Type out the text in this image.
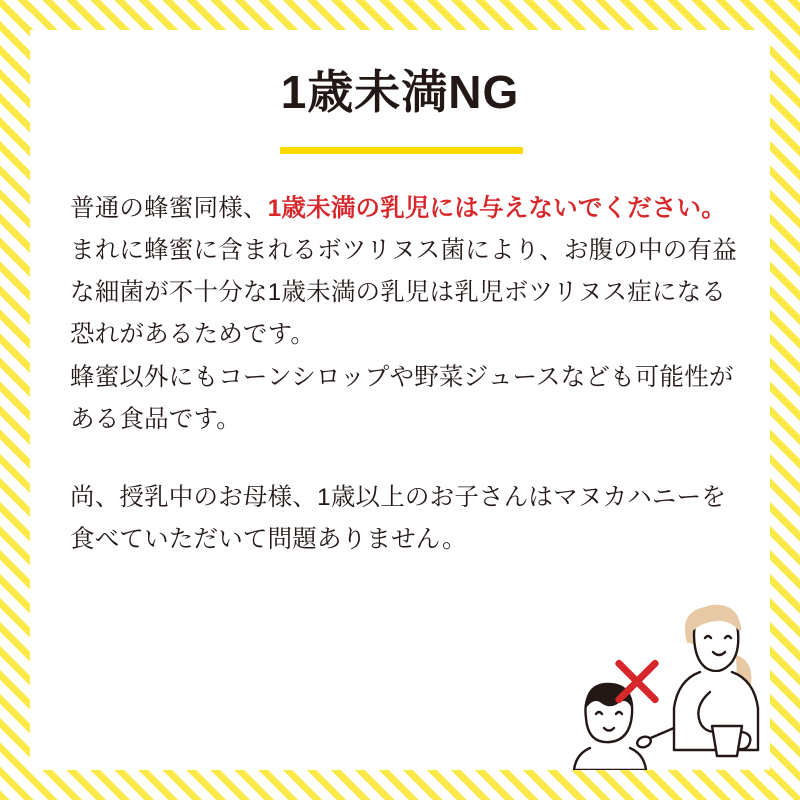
1歳未満NG

普通の蜂蜜同様、1歳未満の乳児には与えないでください。

まれに蜂蜜に含まれるボツリヌス菌により、お腹の中の有益な細菌が不十分な1歳未満の乳児は乳児ボツリヌス症になる恐れがあるためです。

蜂蜜以外にもコーンシロップや野菜ジュースなども可能性がある食品です。

尚、授乳中のお母様、1歳以上のお子さんはマヌカハニーを食べていただいて問題ありません。
